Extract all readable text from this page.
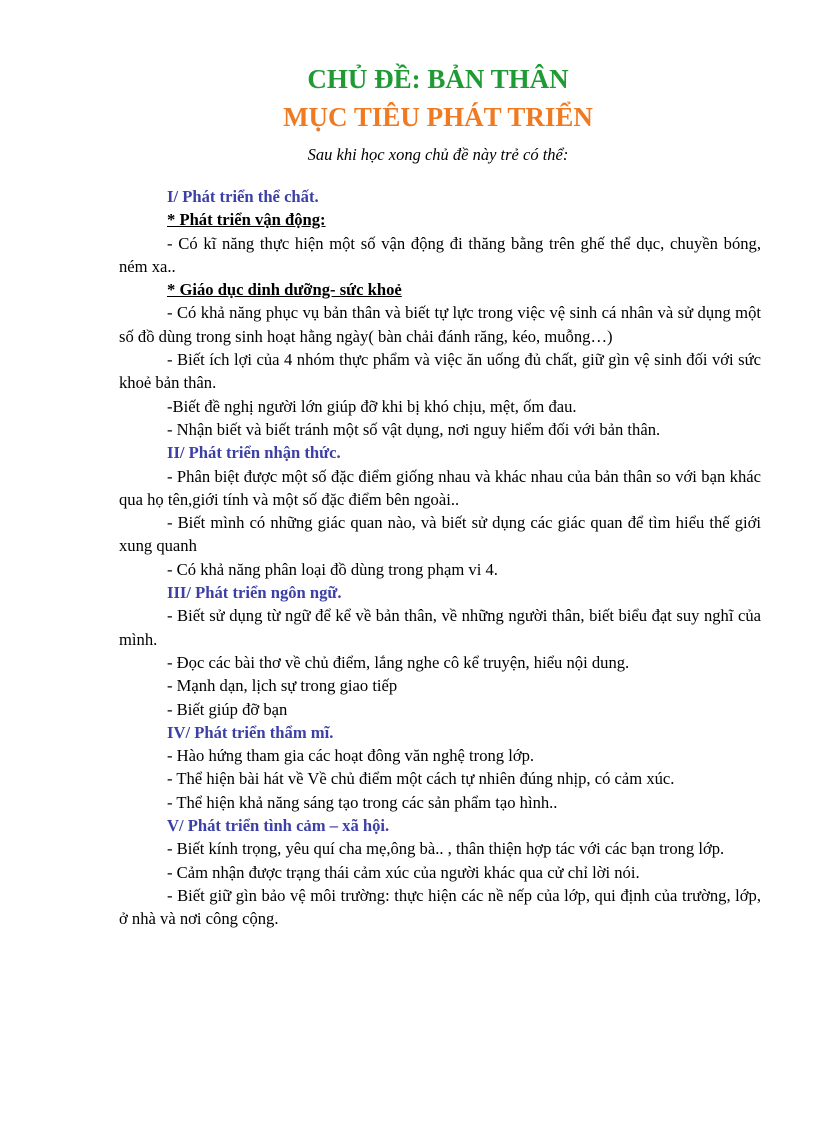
CHỦ ĐỀ: BẢN THÂN
MỤC TIÊU PHÁT TRIỂN

Sau khi học xong chủ đề này trẻ có thể:

I/ Phát triển thể chất.

* Phát triển vận động:

- Có kĩ năng thực hiện một số vận động đi thăng bằng trên ghế thể dục, chuyền bóng, ném xa..

* Giáo dục dinh dưỡng- sức khoẻ

- Có khả năng phục vụ bản thân và biết tự lực trong việc vệ sinh cá nhân và sử dụng một số đồ dùng trong sinh hoạt hằng ngày( bàn chải đánh răng, kéo, muỗng…)

- Biết ích lợi của 4 nhóm thực phẩm và việc ăn uống đủ chất, giữ gìn vệ sinh đối với sức khoẻ bản thân.

-Biết đề nghị người lớn giúp đỡ khi bị khó chịu, mệt, ốm đau.

- Nhận biết và biết tránh một số vật dụng, nơi nguy hiểm đối với bản thân.

II/ Phát triển nhận thức.

- Phân biệt được một số đặc điểm giống nhau và khác nhau của bản thân so với bạn khác qua họ tên,giới tính và một số đặc điểm bên ngoài..

- Biết mình có những giác quan nào, và biết sử dụng các giác quan để tìm hiểu thế giới xung quanh

- Có khả năng phân loại đồ dùng trong phạm vi 4.

III/ Phát triển ngôn ngữ.

- Biết sử dụng từ ngữ để kể về bản thân, về những người thân, biết biểu đạt suy nghĩ của mình.

- Đọc các bài thơ về chủ điểm, lắng nghe cô kể truyện, hiểu nội dung.

- Mạnh dạn, lịch sự trong giao tiếp

- Biết giúp đỡ bạn

IV/ Phát triển thẩm mĩ.

- Hào hứng tham gia các hoạt đông văn nghệ trong lớp.

- Thể hiện bài hát về Về chủ điểm một cách tự nhiên đúng nhịp, có cảm xúc.

- Thể hiện khả năng sáng tạo trong các sản phẩm tạo hình..

V/ Phát triển tình cảm – xã hội.

- Biết kính trọng, yêu quí cha mẹ,ông bà.. , thân thiện hợp tác với các bạn trong lớp.

- Cảm nhận được trạng thái cảm xúc của người khác qua cử chỉ lời nói.

- Biết giữ gìn bảo vệ môi trường: thực hiện các nề nếp của lớp, qui định của trường, lớp, ở nhà và nơi công cộng.
